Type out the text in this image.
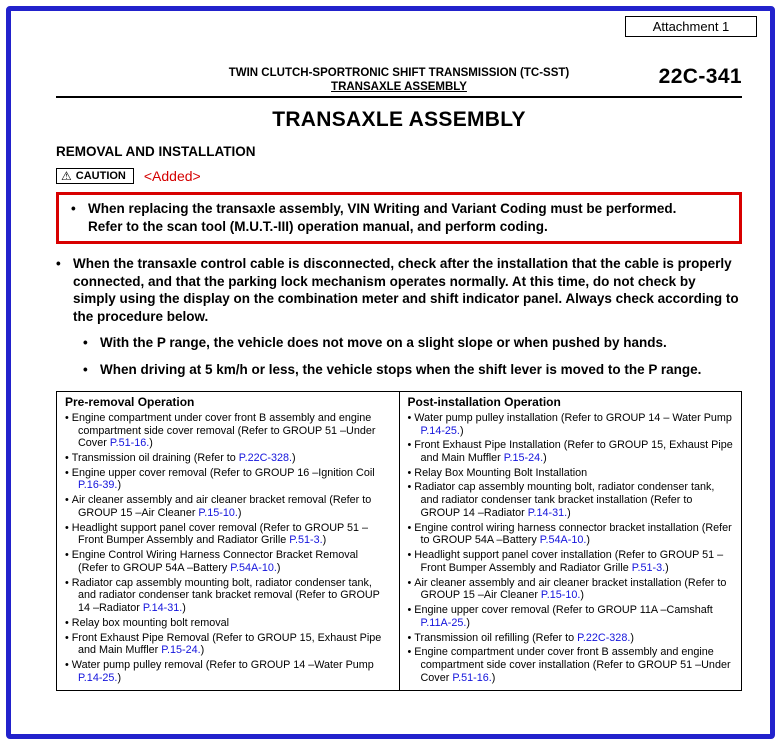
Attachment 1
TWIN CLUTCH-SPORTRONIC SHIFT TRANSMISSION (TC-SST)
TRANSAXLE ASSEMBLY	22C-341
TRANSAXLE ASSEMBLY
REMOVAL AND INSTALLATION
⚠ CAUTION <Added>
• When replacing the transaxle assembly, VIN Writing and Variant Coding must be performed.
Refer to the scan tool (M.U.T.-III) operation manual, and perform coding.
• When the transaxle control cable is disconnected, check after the installation that the cable is properly connected, and that the parking lock mechanism operates normally. At this time, do not check by simply using the display on the combination meter and shift indicator panel. Always check according to the procedure below.
• With the P range, the vehicle does not move on a slight slope or when pushed by hands.
• When driving at 5 km/h or less, the vehicle stops when the shift lever is moved to the P range.
Pre-removal Operation
• Engine compartment under cover front B assembly and engine compartment side cover removal (Refer to GROUP 51 –Under Cover P.51-16.)
• Transmission oil draining (Refer to P.22C-328.)
• Engine upper cover removal (Refer to GROUP 16 –Ignition Coil P.16-39.)
• Air cleaner assembly and air cleaner bracket removal (Refer to GROUP 15 –Air Cleaner P.15-10.)
• Headlight support panel cover removal (Refer to GROUP 51 –Front Bumper Assembly and Radiator Grille P.51-3.)
• Engine Control Wiring Harness Connector Bracket Removal (Refer to GROUP 54A –Battery P.54A-10.)
• Radiator cap assembly mounting bolt, radiator condenser tank, and radiator condenser tank bracket removal (Refer to GROUP 14 –Radiator P.14-31.)
• Relay box mounting bolt removal
• Front Exhaust Pipe Removal (Refer to GROUP 15, Exhaust Pipe and Main Muffler P.15-24.)
• Water pump pulley removal (Refer to GROUP 14 –Water Pump P.14-25.)
Post-installation Operation
• Water pump pulley installation (Refer to GROUP 14 – Water Pump P.14-25.)
• Front Exhaust Pipe Installation (Refer to GROUP 15, Exhaust Pipe and Main Muffler P.15-24.)
• Relay Box Mounting Bolt Installation
• Radiator cap assembly mounting bolt, radiator condenser tank, and radiator condenser tank bracket installation (Refer to GROUP 14 –Radiator P.14-31.)
• Engine control wiring harness connector bracket installation (Refer to GROUP 54A –Battery P.54A-10.)
• Headlight support panel cover installation (Refer to GROUP 51 –Front Bumper Assembly and Radiator Grille P.51-3.)
• Air cleaner assembly and air cleaner bracket installation (Refer to GROUP 15 –Air Cleaner P.15-10.)
• Engine upper cover removal (Refer to GROUP 11A –Camshaft P.11A-25.)
• Transmission oil refilling (Refer to P.22C-328.)
• Engine compartment under cover front B assembly and engine compartment side cover installation (Refer to GROUP 51 –Under Cover P.51-16.)
